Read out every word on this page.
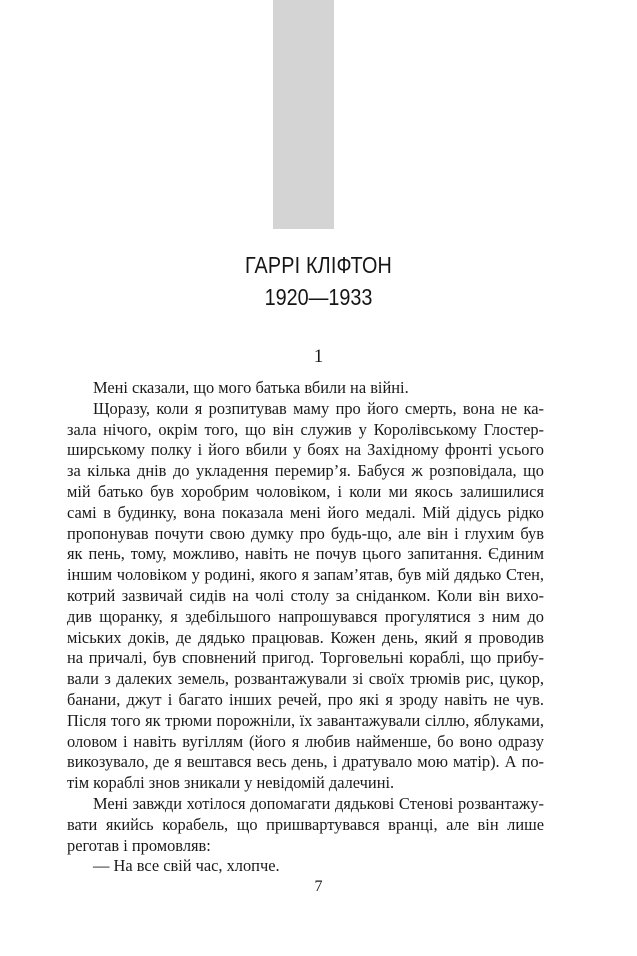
ГАРРІ КЛІФТОН
1920—1933
1
Мені сказали, що мого батька вбили на війні.
Щоразу, коли я розпитував маму про його смерть, вона не ка-
зала нічого, окрім того, що він служив у Королівському Глостер-
ширському полку і його вбили у боях на Західному фронті усього
за кілька днів до укладення перемир’я. Бабуся ж розповідала, що
мій батько був хоробрим чоловіком, і коли ми якось залишилися
самі в будинку, вона показала мені його медалі. Мій дідусь рідко
пропонував почути свою думку про будь-що, але він і глухим був
як пень, тому, можливо, навіть не почув цього запитання. Єдиним
іншим чоловіком у родині, якого я запам’ятав, був мій дядько Стен,
котрий зазвичай сидів на чолі столу за сніданком. Коли він вихо-
див щоранку, я здебільшого напрошувався прогулятися з ним до
міських доків, де дядько працював. Кожен день, який я проводив
на причалі, був сповнений пригод. Торговельні кораблі, що прибу-
вали з далеких земель, розвантажували зі своїх трюмів рис, цукор,
банани, джут і багато інших речей, про які я зроду навіть не чув.
Після того як трюми порожніли, їх завантажували сіллю, яблуками,
оловом і навіть вугіллям (його я любив найменше, бо воно одразу
викозувало, де я вештався весь день, і дратувало мою матір). А по-
тім кораблі знов зникали у невідомій далечині.
Мені завжди хотілося допомагати дядькові Стенові розвантажу-
вати якийсь корабель, що пришвартувався вранці, але він лише
реготав і промовляв:
— На все свій час, хлопче.
7
